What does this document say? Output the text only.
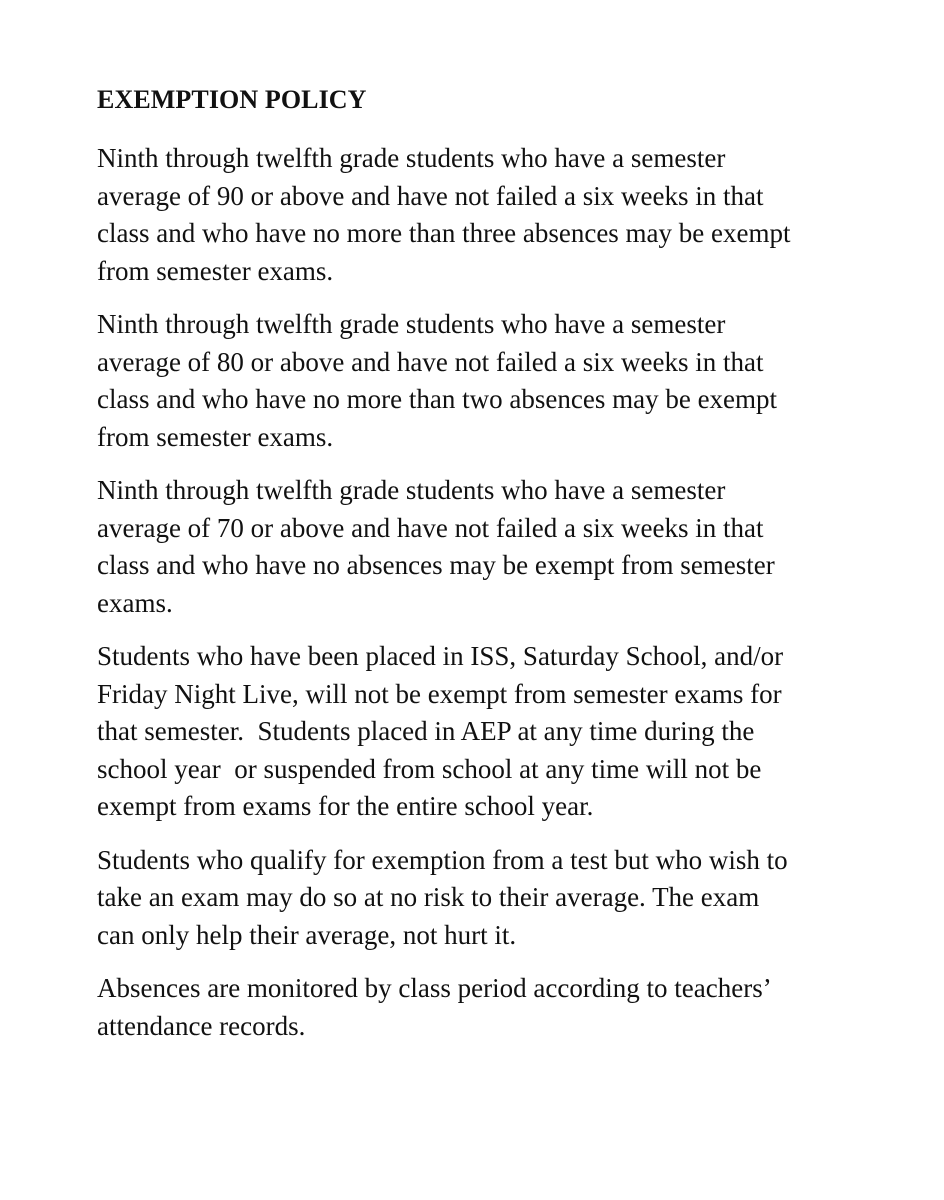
EXEMPTION POLICY
Ninth through twelfth grade students who have a semester
average of 90 or above and have not failed a six weeks in that
class and who have no more than three absences may be exempt
from semester exams.
Ninth through twelfth grade students who have a semester
average of 80 or above and have not failed a six weeks in that
class and who have no more than two absences may be exempt
from semester exams.
Ninth through twelfth grade students who have a semester
average of 70 or above and have not failed a six weeks in that
class and who have no absences may be exempt from semester
exams.
Students who have been placed in ISS, Saturday School, and/or
Friday Night Live, will not be exempt from semester exams for
that semester.  Students placed in AEP at any time during the
school year  or suspended from school at any time will not be
exempt from exams for the entire school year.
Students who qualify for exemption from a test but who wish to
take an exam may do so at no risk to their average. The exam
can only help their average, not hurt it.
Absences are monitored by class period according to teachers’
attendance records.
